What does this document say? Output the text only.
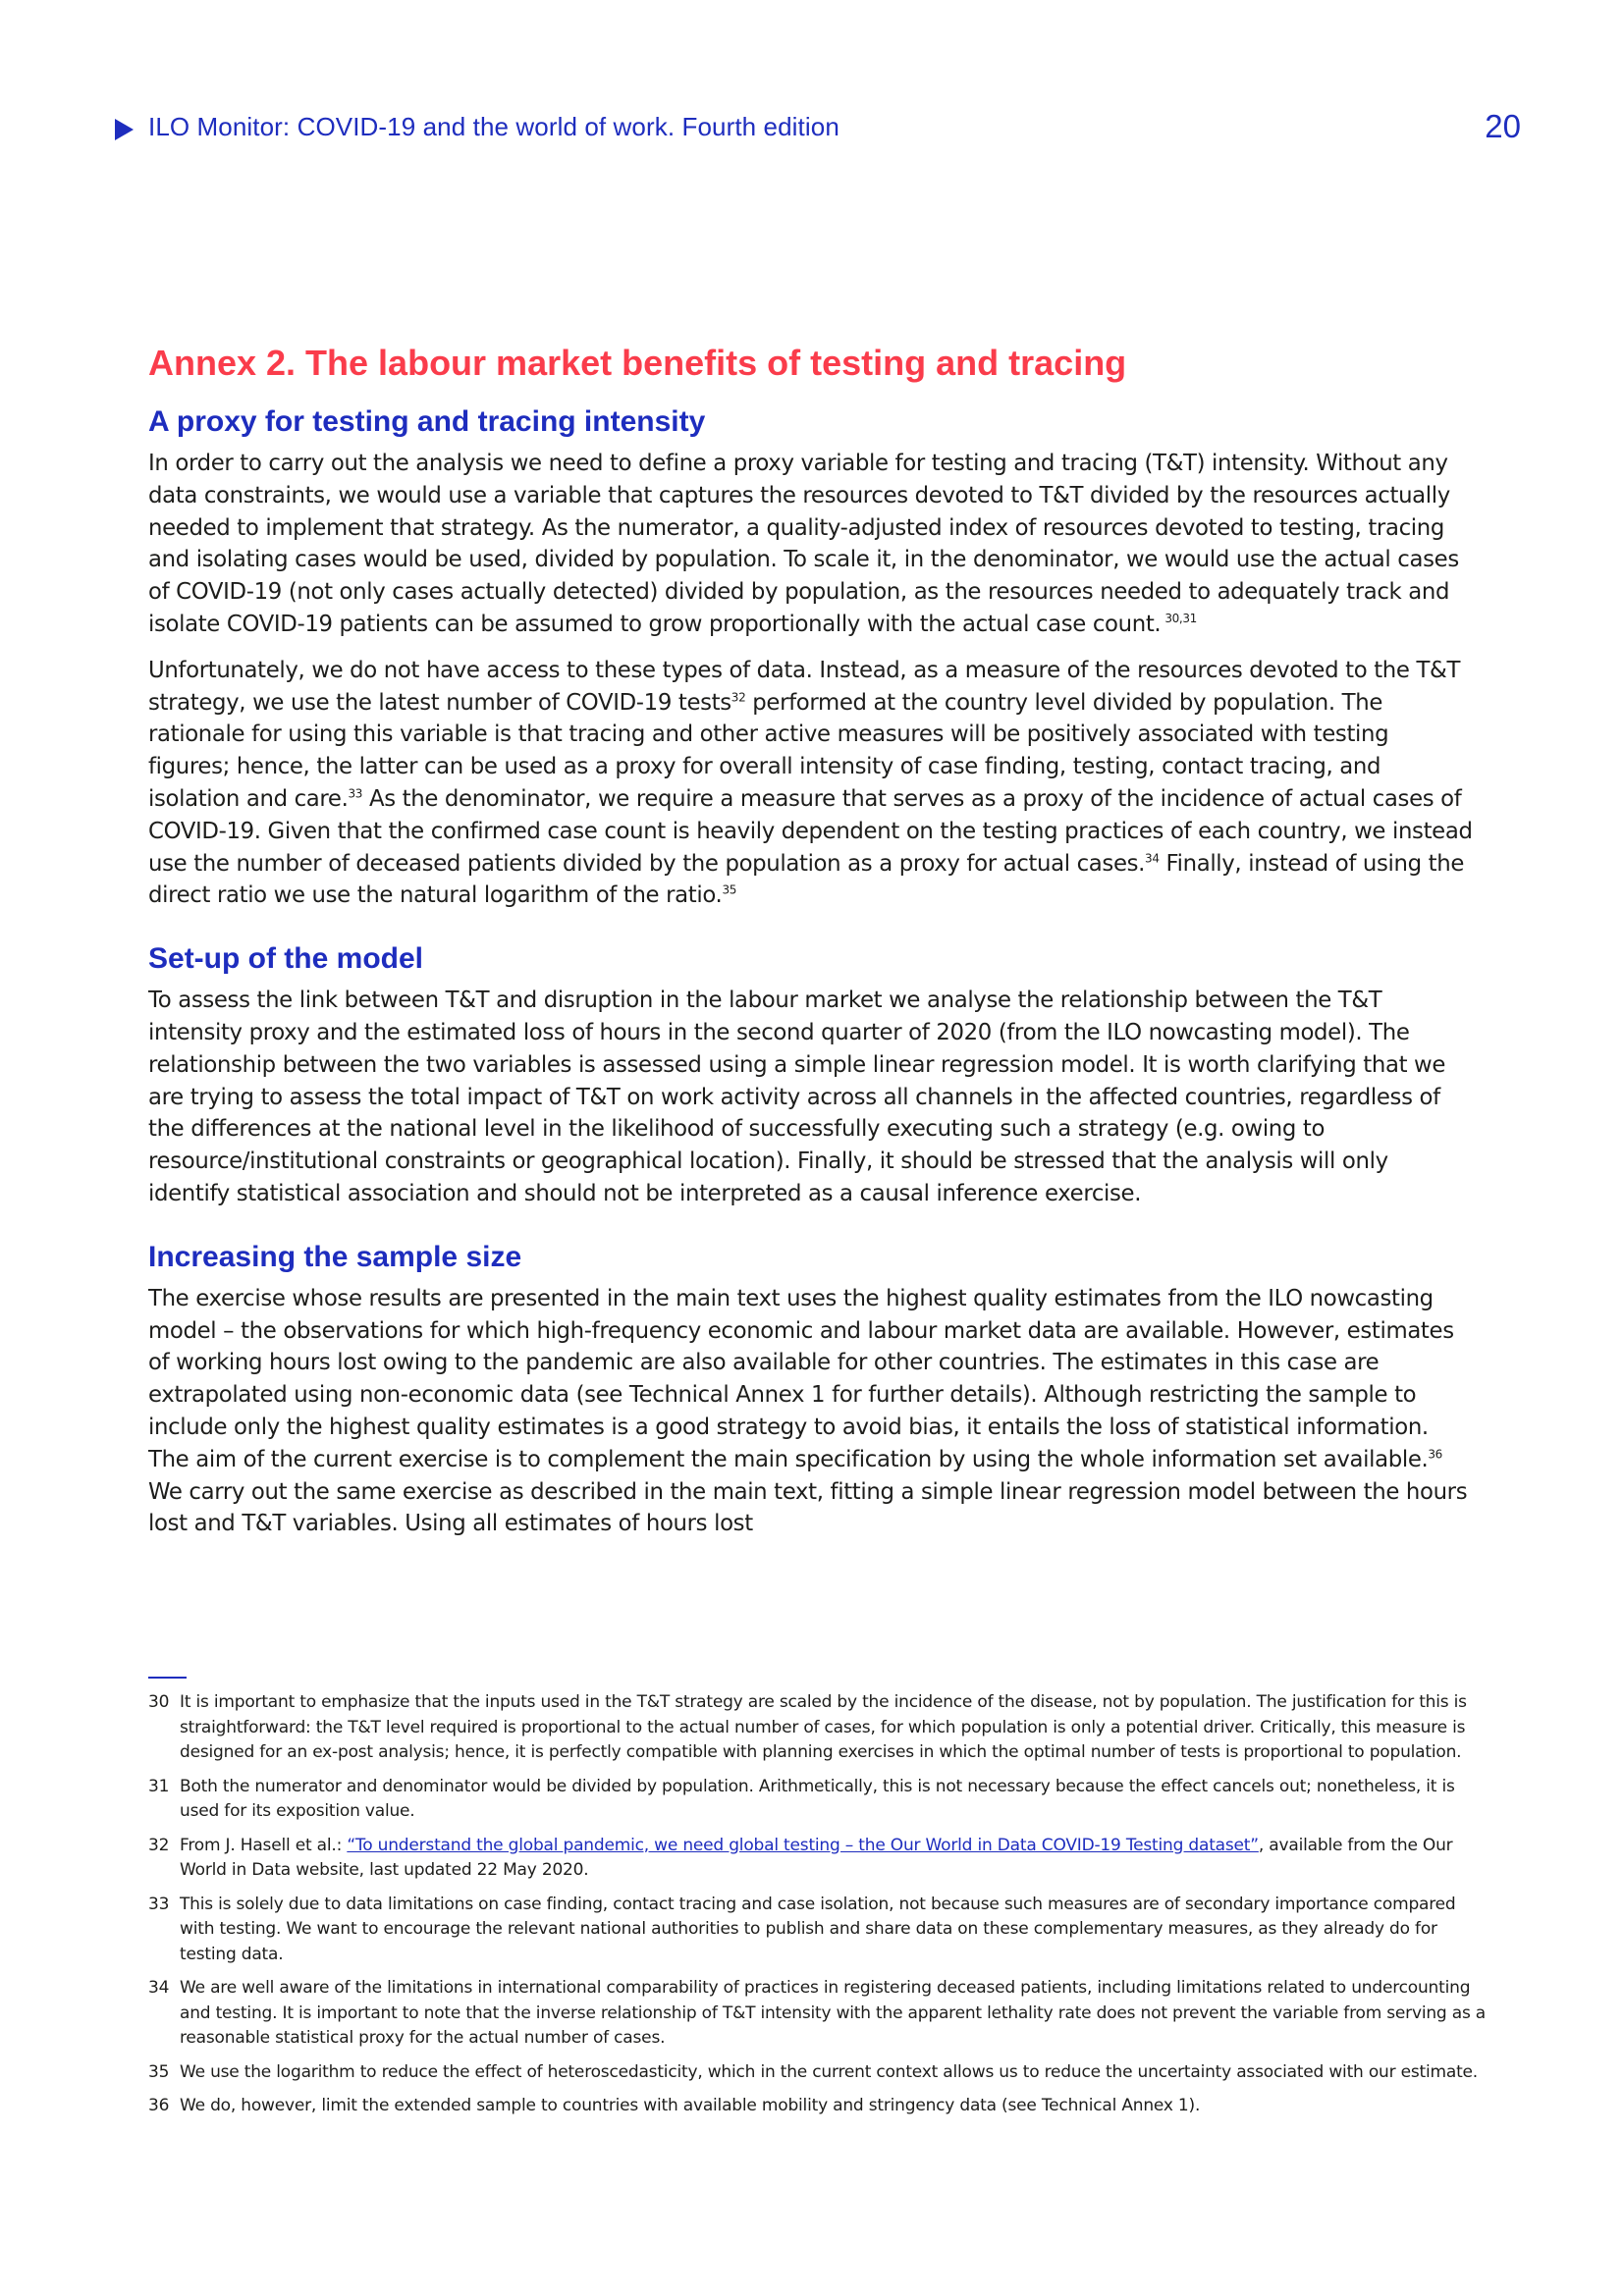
ILO Monitor: COVID-19 and the world of work. Fourth edition	20
Annex 2. The labour market benefits of testing and tracing
A proxy for testing and tracing intensity

In order to carry out the analysis we need to define a proxy variable for testing and tracing (T&T) intensity. Without any data constraints, we would use a variable that captures the resources devoted to T&T divided by the resources actually needed to implement that strategy. As the numerator, a quality-adjusted index of resources devoted to testing, tracing and isolating cases would be used, divided by population. To scale it, in the denominator, we would use the actual cases of COVID-19 (not only cases actually detected) divided by population, as the resources needed to adequately track and isolate COVID-19 patients can be assumed to grow proportionally with the actual case count. $^{30,31}$

Unfortunately, we do not have access to these types of data. Instead, as a measure of the resources devoted to the T&T strategy, we use the latest number of COVID-19 tests$^{32}$ performed at the country level divided by population. The rationale for using this variable is that tracing and other active measures will be positively associated with testing figures; hence, the latter can be used as a proxy for overall intensity of case finding, testing, contact tracing, and isolation and care.$^{33}$ As the denominator, we require a measure that serves as a proxy of the incidence of actual cases of COVID-19. Given that the confirmed case count is heavily dependent on the testing practices of each country, we instead use the number of deceased patients divided by the population as a proxy for actual cases.$^{34}$ Finally, instead of using the direct ratio we use the natural logarithm of the ratio.$^{35}$

Set-up of the model

To assess the link between T&T and disruption in the labour market we analyse the relationship between the T&T intensity proxy and the estimated loss of hours in the second quarter of 2020 (from the ILO nowcasting model). The relationship between the two variables is assessed using a simple linear regression model. It is worth clarifying that we are trying to assess the total impact of T&T on work activity across all channels in the affected countries, regardless of the differences at the national level in the likelihood of successfully executing such a strategy (e.g. owing to resource/institutional constraints or geographical location). Finally, it should be stressed that the analysis will only identify statistical association and should not be interpreted as a causal inference exercise.

Increasing the sample size

The exercise whose results are presented in the main text uses the highest quality estimates from the ILO nowcasting model – the observations for which high-frequency economic and labour market data are available. However, estimates of working hours lost owing to the pandemic are also available for other countries. The estimates in this case are extrapolated using non-economic data (see Technical Annex 1 for further details). Although restricting the sample to include only the highest quality estimates is a good strategy to avoid bias, it entails the loss of statistical information. The aim of the current exercise is to complement the main specification by using the whole information set available.$^{36}$ We carry out the same exercise as described in the main text, fitting a simple linear regression model between the hours lost and T&T variables. Using all estimates of hours lost

30 It is important to emphasize that the inputs used in the T&T strategy are scaled by the incidence of the disease, not by population. The justification for this is straightforward: the T&T level required is proportional to the actual number of cases, for which population is only a potential driver. Critically, this measure is designed for an ex-post analysis; hence, it is perfectly compatible with planning exercises in which the optimal number of tests is proportional to population.
31 Both the numerator and denominator would be divided by population. Arithmetically, this is not necessary because the effect cancels out; nonetheless, it is used for its exposition value.
32 From J. Hasell et al.: “To understand the global pandemic, we need global testing – the Our World in Data COVID-19 Testing dataset”, available from the Our World in Data website, last updated 22 May 2020.
33 This is solely due to data limitations on case finding, contact tracing and case isolation, not because such measures are of secondary importance compared with testing. We want to encourage the relevant national authorities to publish and share data on these complementary measures, as they already do for testing data.
34 We are well aware of the limitations in international comparability of practices in registering deceased patients, including limitations related to undercounting and testing. It is important to note that the inverse relationship of T&T intensity with the apparent lethality rate does not prevent the variable from serving as a reasonable statistical proxy for the actual number of cases.
35 We use the logarithm to reduce the effect of heteroscedasticity, which in the current context allows us to reduce the uncertainty associated with our estimate.
36 We do, however, limit the extended sample to countries with available mobility and stringency data (see Technical Annex 1).
